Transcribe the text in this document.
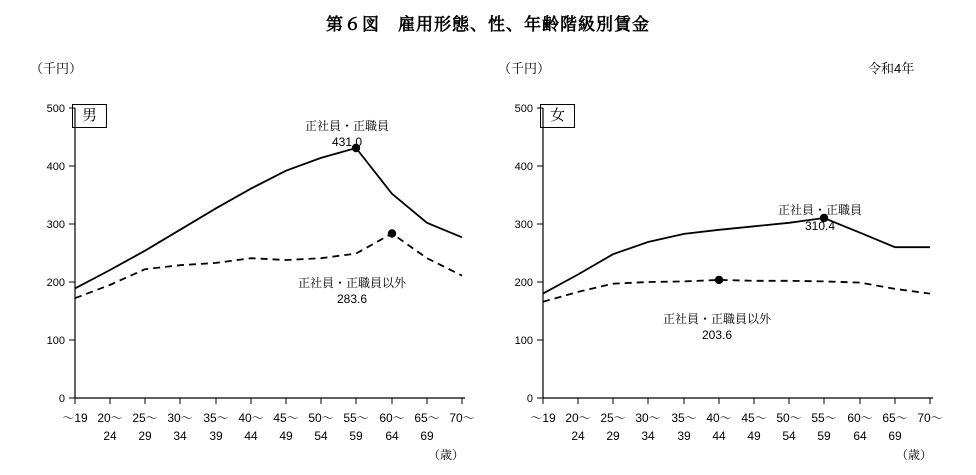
第６図　雇用形態、性、年齢階級別賃金
（千円）
男
500
400
300
200
100
0
～19 20～
24
25～
29
30～
34
35～
39
40～
44
45～
49
50～
54
55～
59
60～
64
65～
69
70～
正社員・正職員
431.0
正社員・正職員以外
283.6
（歳）
（千円）	令和4年
女
500
400
300
200
100
0
～19 20～
24
25～
29
30～
34
35～
39
40～
44
45～
49
50～
54
55～
59
60～
64
65～
69
70～
正社員・正職員
310.4
正社員・正職員以外
203.6
（歳）
